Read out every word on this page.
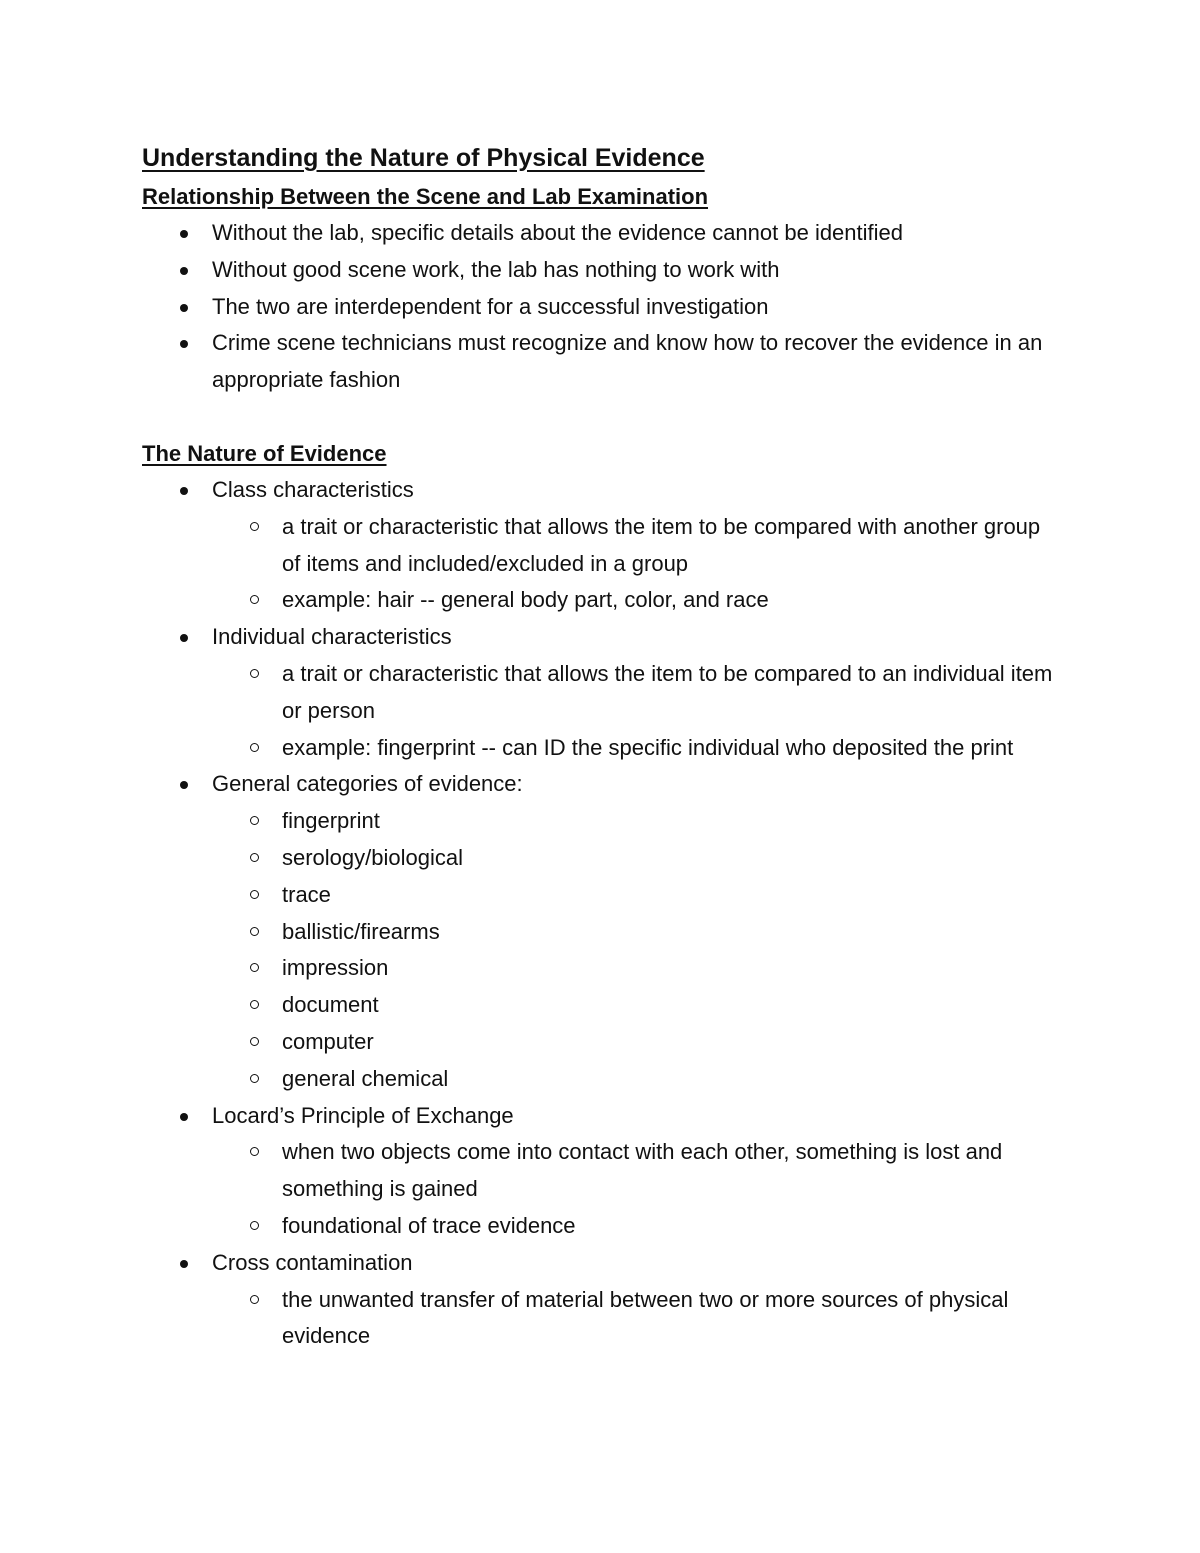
Understanding the Nature of Physical Evidence
Relationship Between the Scene and Lab Examination
Without the lab, specific details about the evidence cannot be identified
Without good scene work, the lab has nothing to work with
The two are interdependent for a successful investigation
Crime scene technicians must recognize and know how to recover the evidence in an appropriate fashion
The Nature of Evidence
Class characteristics
a trait or characteristic that allows the item to be compared with another group of items and included/excluded in a group
example: hair -- general body part, color, and race
Individual characteristics
a trait or characteristic that allows the item to be compared to an individual item or person
example: fingerprint -- can ID the specific individual who deposited the print
General categories of evidence:
fingerprint
serology/biological
trace
ballistic/firearms
impression
document
computer
general chemical
Locard’s Principle of Exchange
when two objects come into contact with each other, something is lost and something is gained
foundational of trace evidence
Cross contamination
the unwanted transfer of material between two or more sources of physical evidence
